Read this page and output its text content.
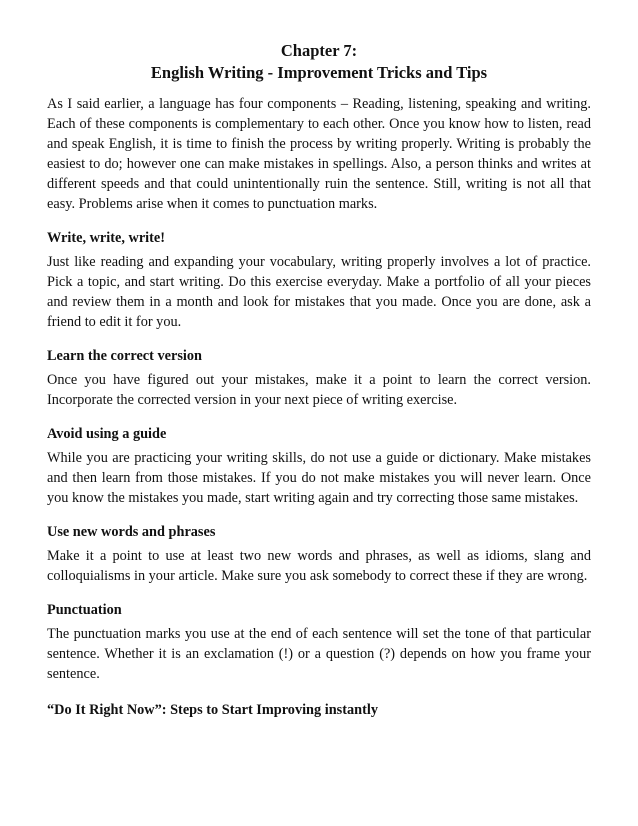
Chapter 7:
English Writing - Improvement Tricks and Tips

As I said earlier, a language has four components – Reading, listening, speaking and writing. Each of these components is complementary to each other. Once you know how to listen, read and speak English, it is time to finish the process by writing properly. Writing is probably the easiest to do; however one can make mistakes in spellings. Also, a person thinks and writes at different speeds and that could unintentionally ruin the sentence. Still, writing is not all that easy. Problems arise when it comes to punctuation marks.

Write, write, write!

Just like reading and expanding your vocabulary, writing properly involves a lot of practice. Pick a topic, and start writing. Do this exercise everyday. Make a portfolio of all your pieces and review them in a month and look for mistakes that you made. Once you are done, ask a friend to edit it for you.

Learn the correct version

Once you have figured out your mistakes, make it a point to learn the correct version. Incorporate the corrected version in your next piece of writing exercise.

Avoid using a guide

While you are practicing your writing skills, do not use a guide or dictionary. Make mistakes and then learn from those mistakes. If you do not make mistakes you will never learn. Once you know the mistakes you made, start writing again and try correcting those same mistakes.

Use new words and phrases

Make it a point to use at least two new words and phrases, as well as idioms, slang and colloquialisms in your article. Make sure you ask somebody to correct these if they are wrong.

Punctuation

The punctuation marks you use at the end of each sentence will set the tone of that particular sentence. Whether it is an exclamation (!) or a question (?) depends on how you frame your sentence.

“Do It Right Now”: Steps to Start Improving instantly
